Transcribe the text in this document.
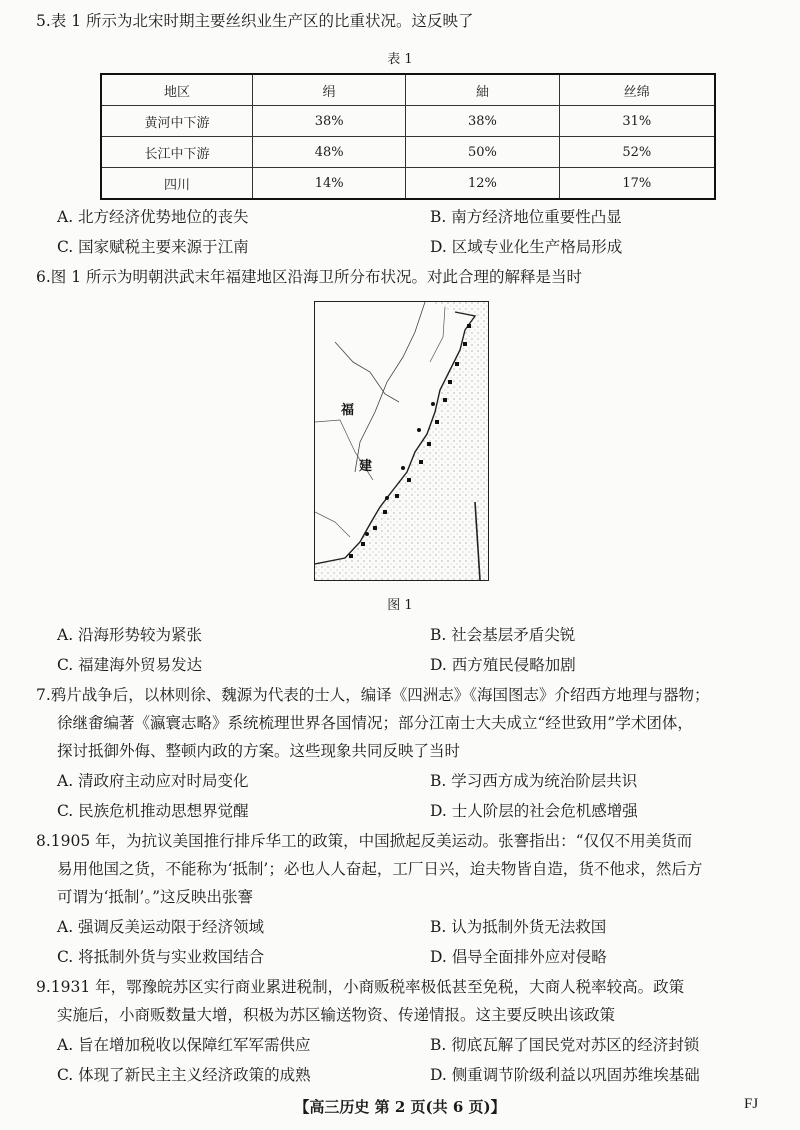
5.表 1 所示为北宋时期主要丝织业生产区的比重状况。这反映了
表 1
地区	绢	紬	丝绵
黄河中下游	38%	38%	31%
长江中下游	48%	50%	52%
四川	14%	12%	17%
A. 北方经济优势地位的丧失	B. 南方经济地位重要性凸显
C. 国家赋税主要来源于江南	D. 区域专业化生产格局形成
6.图 1 所示为明朝洪武末年福建地区沿海卫所分布状况。对此合理的解释是当时
福
建
图 1
A. 沿海形势较为紧张	B. 社会基层矛盾尖锐
C. 福建海外贸易发达	D. 西方殖民侵略加剧
7.鸦片战争后，以林则徐、魏源为代表的士人，编译《四洲志》《海国图志》介绍西方地理与器物；
徐继畬编著《瀛寰志略》系统梳理世界各国情况；部分江南士大夫成立“经世致用”学术团体，
探讨抵御外侮、整顿内政的方案。这些现象共同反映了当时
A. 清政府主动应对时局变化	B. 学习西方成为统治阶层共识
C. 民族危机推动思想界觉醒	D. 士人阶层的社会危机感增强
8.1905 年，为抗议美国推行排斥华工的政策，中国掀起反美运动。张謇指出：“仅仅不用美货而
易用他国之货，不能称为‘抵制’；必也人人奋起，工厂日兴，迨夫物皆自造，货不他求，然后方
可谓为‘抵制’。”这反映出张謇
A. 强调反美运动限于经济领域	B. 认为抵制外货无法救国
C. 将抵制外货与实业救国结合	D. 倡导全面排外应对侵略
9.1931 年，鄂豫皖苏区实行商业累进税制，小商贩税率极低甚至免税，大商人税率较高。政策
实施后，小商贩数量大增，积极为苏区输送物资、传递情报。这主要反映出该政策
A. 旨在增加税收以保障红军军需供应	B. 彻底瓦解了国民党对苏区的经济封锁
C. 体现了新民主主义经济政策的成熟	D. 侧重调节阶级利益以巩固苏维埃基础
【高三历史 第 2 页(共 6 页)】	FJ
